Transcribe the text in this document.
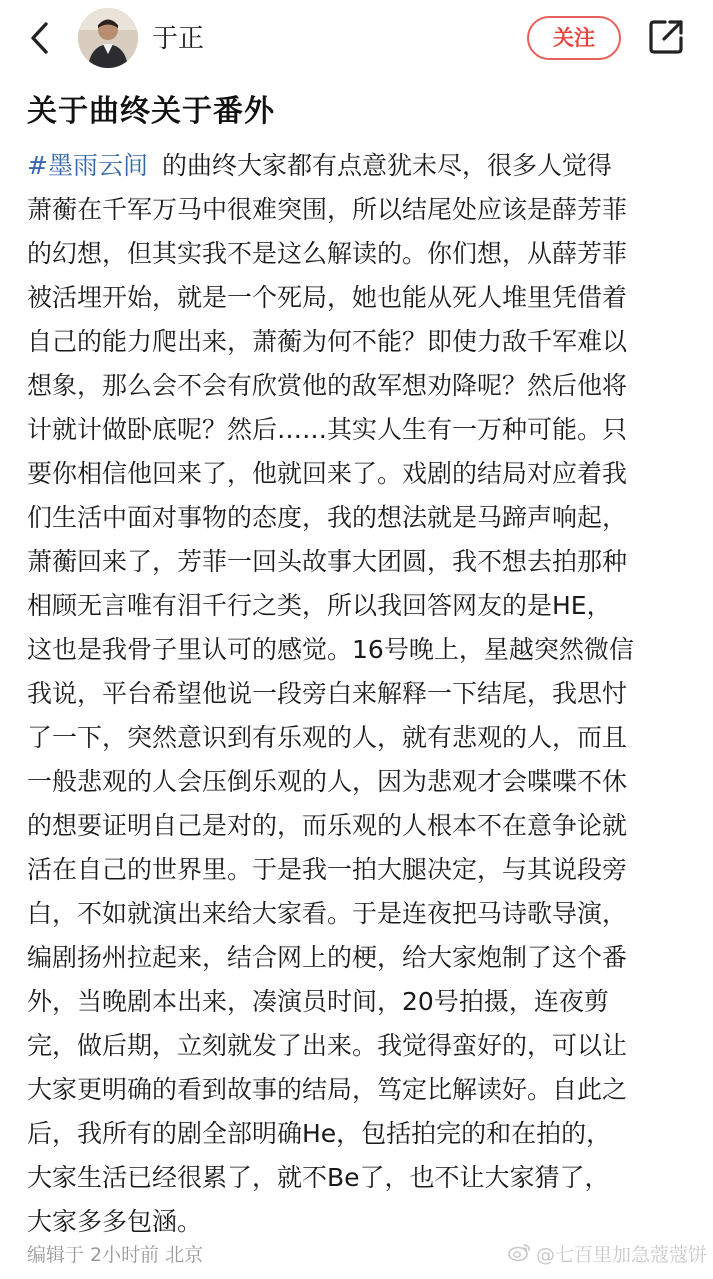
于正	关注
关于曲终关于番外
#墨雨云间 的曲终大家都有点意犹未尽，很多人觉得
萧蘅在千军万马中很难突围，所以结尾处应该是薛芳菲
的幻想，但其实我不是这么解读的。你们想，从薛芳菲
被活埋开始，就是一个死局，她也能从死人堆里凭借着
自己的能力爬出来，萧蘅为何不能？即使力敌千军难以
想象，那么会不会有欣赏他的敌军想劝降呢？然后他将
计就计做卧底呢？然后……其实人生有一万种可能。只
要你相信他回来了，他就回来了。戏剧的结局对应着我
们生活中面对事物的态度，我的想法就是马蹄声响起，
萧蘅回来了，芳菲一回头故事大团圆，我不想去拍那种
相顾无言唯有泪千行之类，所以我回答网友的是HE，
这也是我骨子里认可的感觉。16号晚上，星越突然微信
我说，平台希望他说一段旁白来解释一下结尾，我思忖
了一下，突然意识到有乐观的人，就有悲观的人，而且
一般悲观的人会压倒乐观的人，因为悲观才会喋喋不休
的想要证明自己是对的，而乐观的人根本不在意争论就
活在自己的世界里。于是我一拍大腿决定，与其说段旁
白，不如就演出来给大家看。于是连夜把马诗歌导演，
编剧扬州拉起来，结合网上的梗，给大家炮制了这个番
外，当晚剧本出来，凑演员时间，20号拍摄，连夜剪
完，做后期，立刻就发了出来。我觉得蛮好的，可以让
大家更明确的看到故事的结局，笃定比解读好。自此之
后，我所有的剧全部明确He，包括拍完的和在拍的，
大家生活已经很累了，就不Be了，也不让大家猜了，
大家多多包涵。
编辑于 2小时前 北京	@七百里加急蔻蔻饼
